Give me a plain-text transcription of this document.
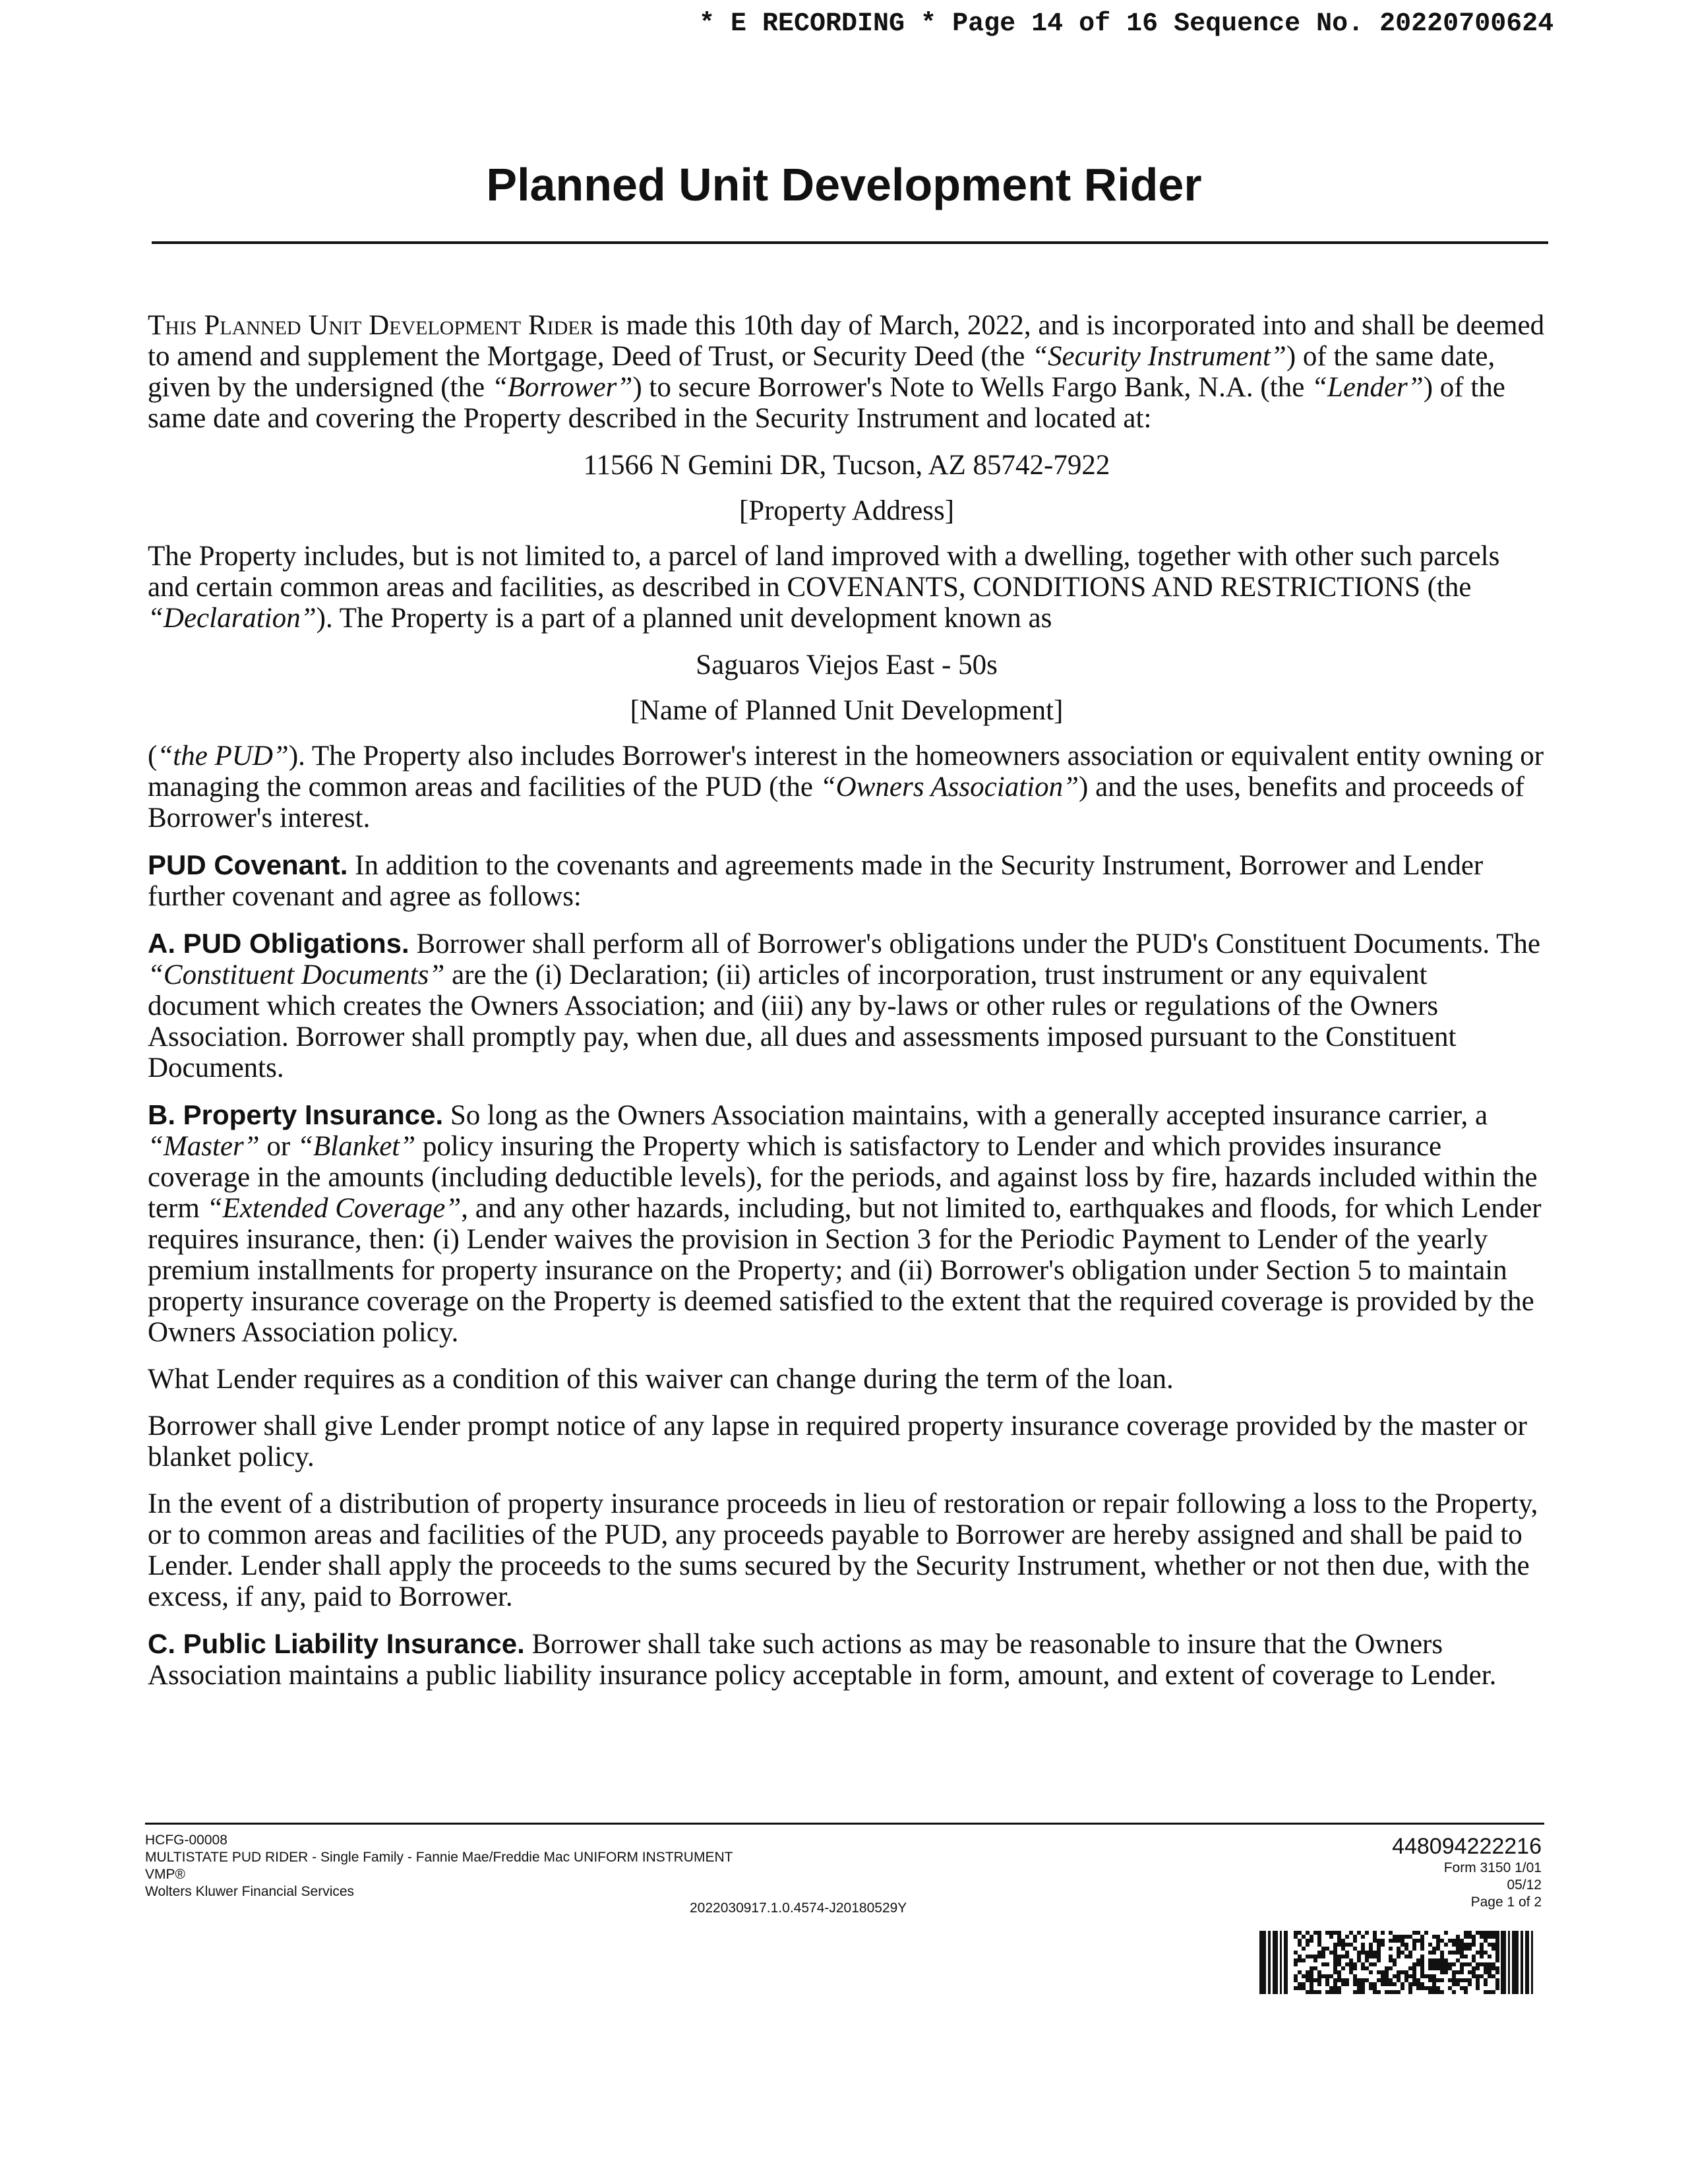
* E RECORDING * Page 14 of 16 Sequence No. 20220700624
Planned Unit Development Rider

This Planned Unit Development Rider is made this 10th day of March, 2022, and is incorporated into and shall be deemed to amend and supplement the Mortgage, Deed of Trust, or Security Deed (the “Security Instrument”) of the same date, given by the undersigned (the “Borrower”) to secure Borrower's Note to Wells Fargo Bank, N.A. (the “Lender”) of the same date and covering the Property described in the Security Instrument and located at:

11566 N Gemini DR, Tucson, AZ 85742-7922

[Property Address]

The Property includes, but is not limited to, a parcel of land improved with a dwelling, together with other such parcels and certain common areas and facilities, as described in COVENANTS, CONDITIONS AND RESTRICTIONS (the “Declaration”). The Property is a part of a planned unit development known as

Saguaros Viejos East - 50s

[Name of Planned Unit Development]

(“the PUD”). The Property also includes Borrower's interest in the homeowners association or equivalent entity owning or managing the common areas and facilities of the PUD (the “Owners Association”) and the uses, benefits and proceeds of Borrower's interest.

PUD Covenant. In addition to the covenants and agreements made in the Security Instrument, Borrower and Lender further covenant and agree as follows:

A. PUD Obligations. Borrower shall perform all of Borrower's obligations under the PUD's Constituent Documents. The “Constituent Documents” are the (i) Declaration; (ii) articles of incorporation, trust instrument or any equivalent document which creates the Owners Association; and (iii) any by-laws or other rules or regulations of the Owners Association. Borrower shall promptly pay, when due, all dues and assessments imposed pursuant to the Constituent Documents.

B. Property Insurance. So long as the Owners Association maintains, with a generally accepted insurance carrier, a “Master” or “Blanket” policy insuring the Property which is satisfactory to Lender and which provides insurance coverage in the amounts (including deductible levels), for the periods, and against loss by fire, hazards included within the term “Extended Coverage”, and any other hazards, including, but not limited to, earthquakes and floods, for which Lender requires insurance, then: (i) Lender waives the provision in Section 3 for the Periodic Payment to Lender of the yearly premium installments for property insurance on the Property; and (ii) Borrower's obligation under Section 5 to maintain property insurance coverage on the Property is deemed satisfied to the extent that the required coverage is provided by the Owners Association policy.

What Lender requires as a condition of this waiver can change during the term of the loan.

Borrower shall give Lender prompt notice of any lapse in required property insurance coverage provided by the master or blanket policy.

In the event of a distribution of property insurance proceeds in lieu of restoration or repair following a loss to the Property, or to common areas and facilities of the PUD, any proceeds payable to Borrower are hereby assigned and shall be paid to Lender. Lender shall apply the proceeds to the sums secured by the Security Instrument, whether or not then due, with the excess, if any, paid to Borrower.

C. Public Liability Insurance. Borrower shall take such actions as may be reasonable to insure that the Owners Association maintains a public liability insurance policy acceptable in form, amount, and extent of coverage to Lender.

HCFG-00008
MULTISTATE PUD RIDER - Single Family - Fannie Mae/Freddie Mac UNIFORM INSTRUMENT
VMP®
Wolters Kluwer Financial Services
2022030917.1.0.4574-J20180529Y
448094222216
Form 3150 1/01
05/12
Page 1 of 2
